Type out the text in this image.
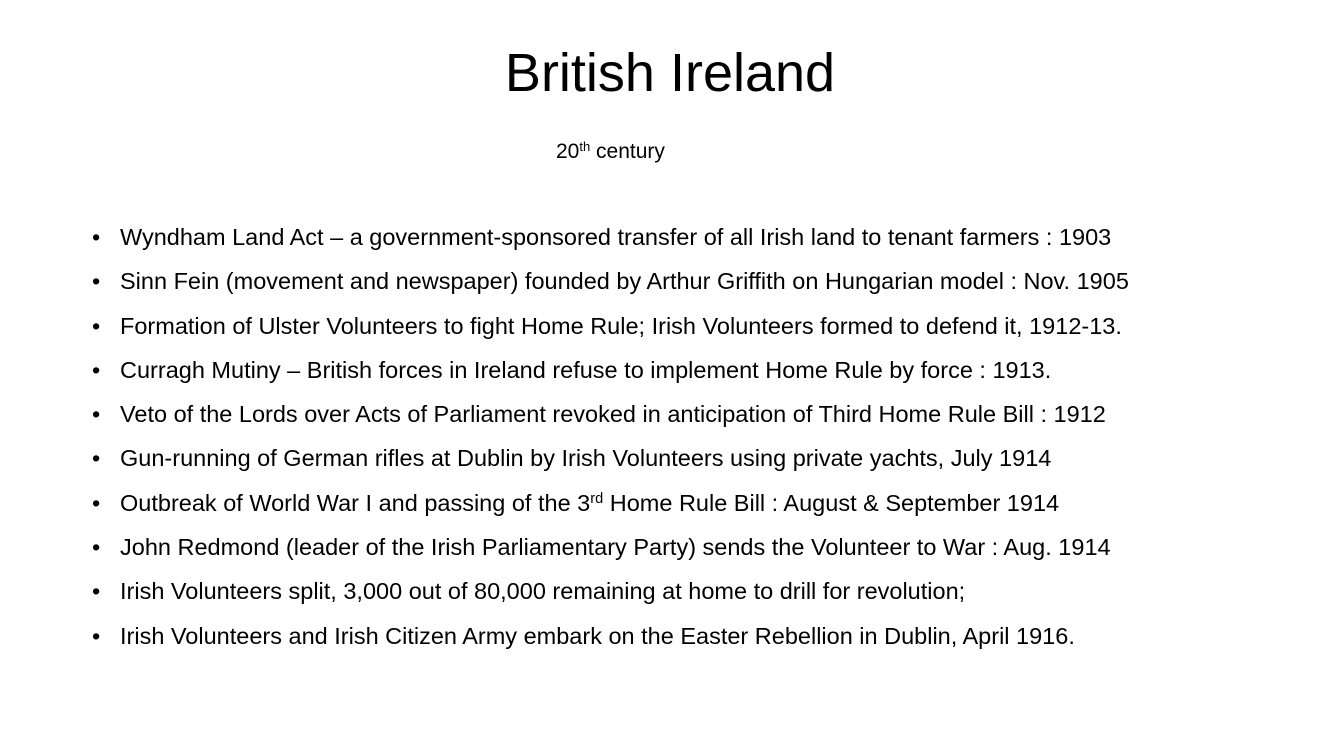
British Ireland
20th century
• Wyndham Land Act – a government-sponsored transfer of all Irish land to tenant farmers : 1903
• Sinn Fein (movement and newspaper) founded by Arthur Griffith on Hungarian model : Nov. 1905
• Formation of Ulster Volunteers to fight Home Rule; Irish Volunteers formed to defend it, 1912-13.
• Curragh Mutiny – British forces in Ireland refuse to implement Home Rule by force : 1913.
• Veto of the Lords over Acts of Parliament revoked in anticipation of Third Home Rule Bill : 1912
• Gun-running of German rifles at Dublin by Irish Volunteers using private yachts, July 1914
• Outbreak of World War I and passing of the 3rd Home Rule Bill : August & September 1914
• John Redmond (leader of the Irish Parliamentary Party) sends the Volunteer to War : Aug. 1914
• Irish Volunteers split, 3,000 out of 80,000 remaining at home to drill for revolution;
• Irish Volunteers and Irish Citizen Army embark on the Easter Rebellion in Dublin, April 1916.
